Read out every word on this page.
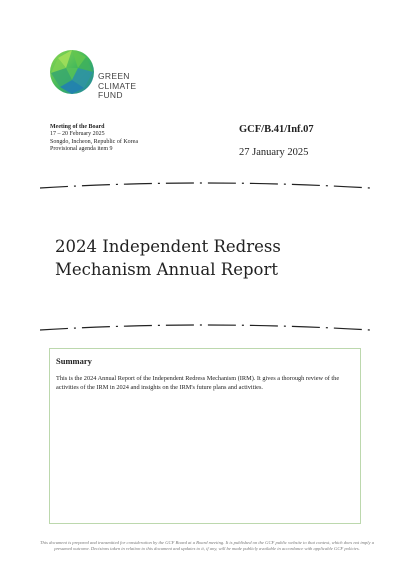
GREEN
CLIMATE
FUND
Meeting of the Board
17 – 20 February 2025
Songdo, Incheon, Republic of Korea
Provisional agenda item 9
GCF/B.41/Inf.07
27 January 2025
2024 Independent Redress
Mechanism Annual Report
Summary
This is the 2024 Annual Report of the Independent Redress Mechanism (IRM). It gives a thorough review of the activities of the IRM in 2024 and insights on the IRM's future plans and activities.
This document is prepared and transmitted for consideration by the GCF Board at a Board meeting. It is published on the GCF public website to that context, which does not imply a presumed outcome. Decisions taken in relation to this document and updates to it, if any, will be made publicly available in accordance with applicable GCF policies.
